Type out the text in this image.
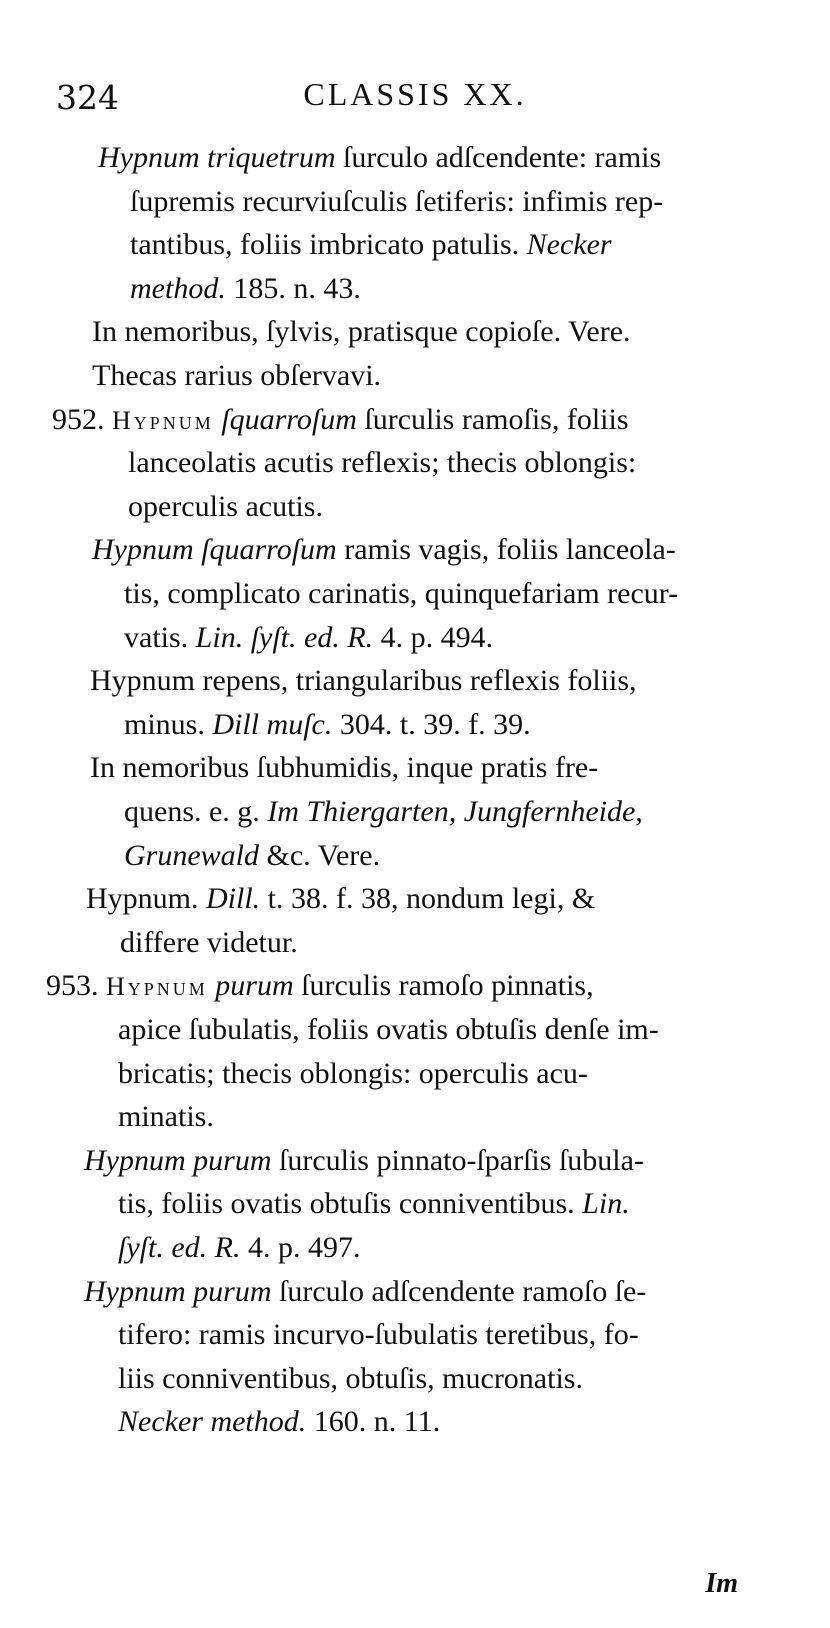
324	CLASSIS XX.
Hypnum triquetrum ſurculo adſcendente: ramis
ſupremis recurviuſculis ſetiferis: infimis rep-
tantibus, foliis imbricato patulis. Necker
method. 185. n. 43.
In nemoribus, ſylvis, pratisque copioſe. Vere.
Thecas rarius obſervavi.
952. Hypnum ſquarroſum ſurculis ramoſis, foliis
lanceolatis acutis reflexis; thecis oblongis:
operculis acutis.
Hypnum ſquarroſum ramis vagis, foliis lanceola-
tis, complicato carinatis, quinquefariam recur-
vatis. Lin. ſyſt. ed. R. 4. p. 494.
Hypnum repens, triangularibus reflexis foliis,
minus. Dill muſc. 304. t. 39. f. 39.
In nemoribus ſubhumidis, inque pratis fre-
quens. e. g. Im Thiergarten, Jungfernheide,
Grunewald &c. Vere.
Hypnum. Dill. t. 38. f. 38, nondum legi, &
differe videtur.
953. Hypnum purum ſurculis ramoſo pinnatis,
apice ſubulatis, foliis ovatis obtuſis denſe im-
bricatis; thecis oblongis: operculis acu-
minatis.
Hypnum purum ſurculis pinnato-ſparſis ſubula-
tis, foliis ovatis obtuſis conniventibus. Lin.
ſyſt. ed. R. 4. p. 497.
Hypnum purum ſurculo adſcendente ramoſo ſe-
tifero: ramis incurvo-ſubulatis teretibus, fo-
liis conniventibus, obtuſis, mucronatis.
Necker method. 160. n. 11.
Im
